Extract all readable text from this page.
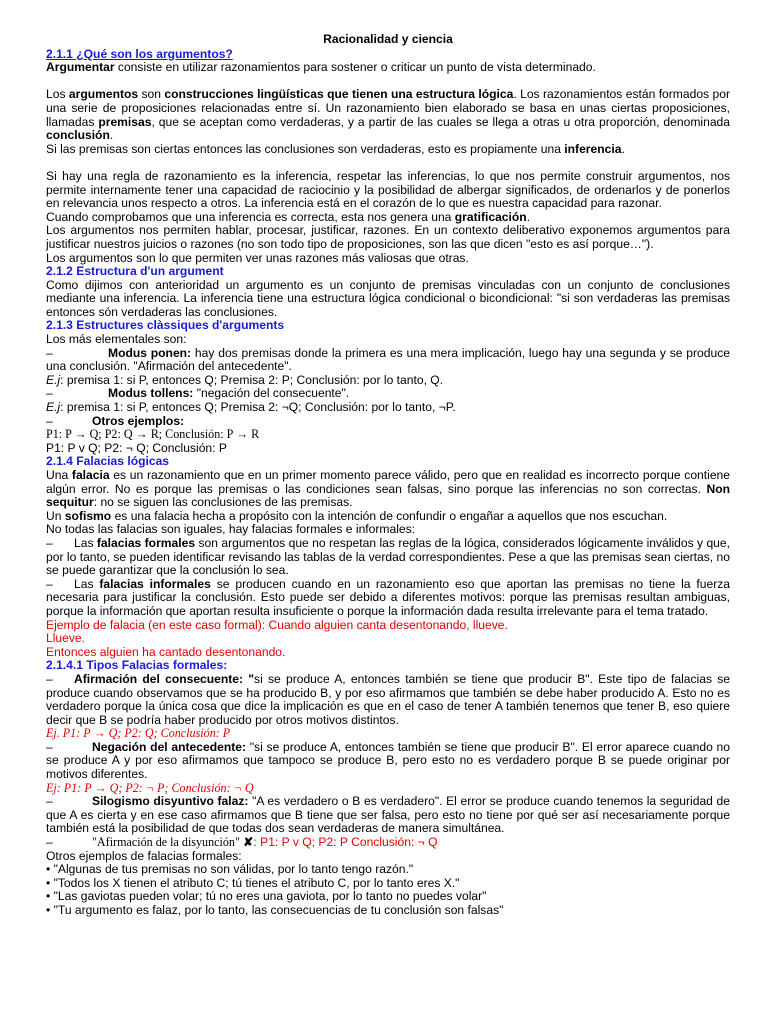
Racionalidad y ciencia
2.1.1 ¿Qué son los argumentos?

Argumentar consiste en utilizar razonamientos para sostener o criticar un punto de vista determinado.

Los argumentos son construcciones lingüísticas que tienen una estructura lógica. Los razonamientos están formados por una serie de proposiciones relacionadas entre sí. Un razonamiento bien elaborado se basa en unas ciertas proposiciones, llamadas premisas, que se aceptan como verdaderas, y a partir de las cuales se llega a otras u otra proporción, denominada conclusión.

Si las premisas son ciertas entonces las conclusiones son verdaderas, esto es propiamente una inferencia.

Si hay una regla de razonamiento es la inferencia, respetar las inferencias, lo que nos permite construir argumentos, nos permite internamente tener una capacidad de raciocinio y la posibilidad de albergar significados, de ordenarlos y de ponerlos en relevancia unos respecto a otros. La inferencia está en el corazón de lo que es nuestra capacidad para razonar.

Cuando comprobamos que una inferencia es correcta, esta nos genera una gratificación.

Los argumentos nos permiten hablar, procesar, justificar, razones. En un contexto deliberativo exponemos argumentos para justificar nuestros juicios o razones (no son todo tipo de proposiciones, son las que dicen "esto es así porque…").

Los argumentos son lo que permiten ver unas razones más valiosas que otras.

2.1.2 Estructura d'un argument

Como dijimos con anterioridad un argumento es un conjunto de premisas vinculadas con un conjunto de conclusiones mediante una inferencia. La inferencia tiene una estructura lógica condicional o bicondicional: "si son verdaderas las premisas entonces són verdaderas las conclusiones.

2.1.3 Estructures clàssiques d'arguments

Los más elementales son:

–	Modus ponen: hay dos premisas donde la primera es una mera implicación, luego hay una segunda y se produce una conclusión. "Afirmación del antecedente".

E.j: premisa 1: si P, entonces Q; Premisa 2: P; Conclusión: por lo tanto, Q.

–	Modus tollens: "negación del consecuente".

E.j: premisa 1: si P, entonces Q; Premisa 2: ¬Q; Conclusión: por lo tanto, ¬P.

–	Otros ejemplos:

P1: P → Q; P2: Q → R; Conclusión: P → R

P1: P v Q; P2: ¬ Q; Conclusión: P

2.1.4 Falacias lógicas

Una falacia es un razonamiento que en un primer momento parece válido, pero que en realidad es incorrecto porque contiene algún error. No es porque las premisas o las condiciones sean falsas, sino porque las inferencias no son correctas. Non sequitur: no se siguen las conclusiones de las premisas.

Un sofismo es una falacia hecha a propósito con la intención de confundir o engañar a aquellos que nos escuchan.

No todas las falacias son iguales, hay falacias formales e informales:

– Las falacias formales son argumentos que no respetan las reglas de la lógica, considerados lógicamente inválidos y que, por lo tanto, se pueden identificar revisando las tablas de la verdad correspondientes. Pese a que las premisas sean ciertas, no se puede garantizar que la conclusión lo sea.

– Las falacias informales se producen cuando en un razonamiento eso que aportan las premisas no tiene la fuerza necesaria para justificar la conclusión. Esto puede ser debido a diferentes motivos: porque las premisas resultan ambiguas, porque la información que aportan resulta insuficiente o porque la información dada resulta irrelevante para el tema tratado.

Ejemplo de falacia (en este caso formal): Cuando alguien canta desentonando, llueve.

Llueve.

Entonces alguien ha cantado desentonando.

2.1.4.1 Tipos Falacias formales:

– Afirmación del consecuente: "si se produce A, entonces también se tiene que producir B". Este tipo de falacias se produce cuando observamos que se ha producido B, y por eso afirmamos que también se debe haber producido A. Esto no es verdadero porque la única cosa que dice la implicación es que en el caso de tener A también tenemos que tener B, eso quiere decir que B se podría haber producido por otros motivos distintos.

Ej. P1: P → Q; P2: Q; Conclusión: P

–	Negación del antecedente: "si se produce A, entonces también se tiene que producir B". El error aparece cuando no se produce A y por eso afirmamos que tampoco se produce B, pero esto no es verdadero porque B se puede originar por motivos diferentes.

Ej: P1: P → Q; P2: ¬ P; Conclusión: ¬ Q

–	Silogismo disyuntivo falaz: "A es verdadero o B es verdadero". El error se produce cuando tenemos la seguridad de que A es cierta y en ese caso afirmamos que B tiene que ser falsa, pero esto no tiene por qué ser así necesariamente porque también está la posibilidad de que todas dos sean verdaderas de manera simultánea.

–	"Afirmación de la disyunción" ✘: P1: P v Q; P2: P Conclusión: ¬ Q

Otros ejemplos de falacias formales:

• "Algunas de tus premisas no son válidas, por lo tanto tengo razón."

• "Todos los X tienen el atributo C; tú tienes el atributo C, por lo tanto eres X."

• "Las gaviotas pueden volar; tú no eres una gaviota, por lo tanto no puedes volar"

• "Tu argumento es falaz, por lo tanto, las consecuencias de tu conclusión son falsas"
